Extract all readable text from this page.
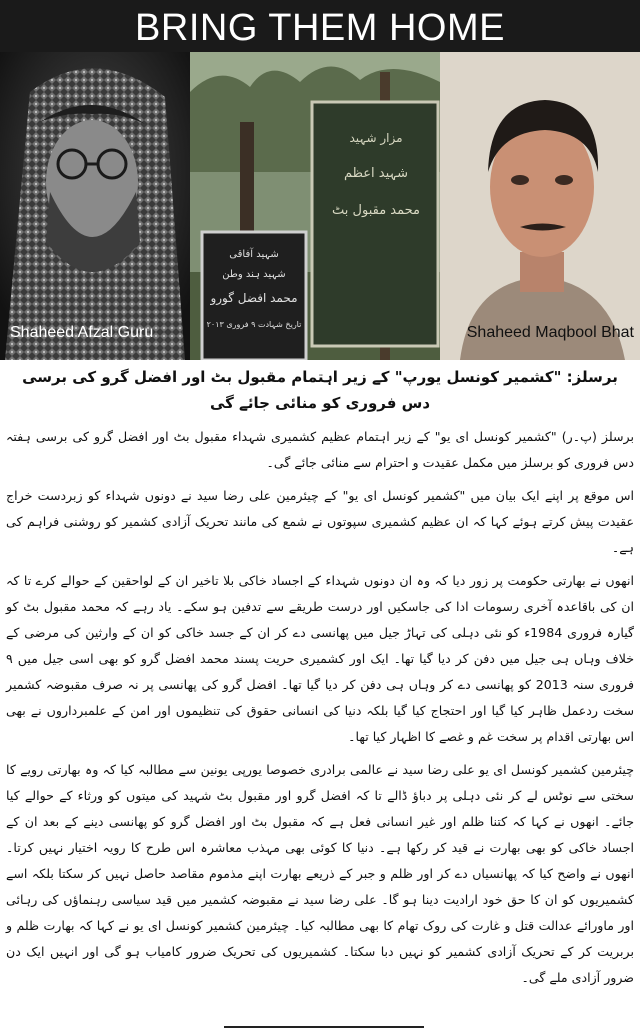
BRING THEM HOME
Shaheed Afzal Guru
مزار شہید
شہید اعظم
محمد مقبول بٹ
شہید آفاقی
شہید ہند وطن
محمد افضل گورو
تاریخ شہادت ۹ فروری ۲۰۱۳	Shaheed Maqbool Bhat
برسلز: "کشمیر کونسل یورپ" کے زیر اہتمام مقبول بٹ اور افضل گرو کی برسی دس فروری کو منائی جائے گی

برسلز (پ۔ر) "کشمیر کونسل ای یو" کے زیر اہتمام عظیم کشمیری شہداء مقبول بٹ اور افضل گرو کی برسی ہفتہ دس فروری کو برسلز میں مکمل عقیدت و احترام سے منائی جائے گی۔

اس موقع پر اپنے ایک بیان میں "کشمیر کونسل ای یو" کے چیئرمین علی رضا سید نے دونوں شہداء کو زبردست خراج عقیدت پیش کرتے ہوئے کہا کہ ان عظیم کشمیری سپوتوں نے شمع کی مانند تحریک آزادی کشمیر کو روشنی فراہم کی ہے۔

انھوں نے بھارتی حکومت پر زور دیا کہ وہ ان دونوں شہداء کے اجساد خاکی بلا تاخیر ان کے لواحقین کے حوالے کرے تا کہ ان کی باقاعدہ آخری رسومات ادا کی جاسکیں اور درست طریقے سے تدفین ہو سکے۔ یاد رہے کہ محمد مقبول بٹ کو گیارہ فروری 1984ء کو نئی دہلی کی تہاڑ جیل میں پھانسی دے کر ان کے جسد خاکی کو ان کے وارثین کی مرضی کے خلاف وہاں ہی جیل میں دفن کر دیا گیا تھا۔ ایک اور کشمیری حریت پسند محمد افضل گرو کو بھی اسی جیل میں ۹ فروری سنہ 2013 کو پھانسی دے کر وہاں ہی دفن کر دیا گیا تھا۔ افضل گرو کی پھانسی پر نہ صرف مقبوضہ کشمیر سخت ردعمل ظاہر کیا گیا اور احتجاج کیا گیا بلکہ دنیا کی انسانی حقوق کی تنظیموں اور امن کے علمبرداروں نے بھی اس بھارتی اقدام پر سخت غم و غصے کا اظہار کیا تھا۔

چیئرمین کشمیر کونسل ای یو علی رضا سید نے عالمی برادری خصوصا یورپی یونین سے مطالبہ کیا کہ وہ بھارتی رویے کا سختی سے نوٹس لے کر نئی دہلی پر دباؤ ڈالے تا کہ افضل گرو اور مقبول بٹ شہید کی میتوں کو ورثاء کے حوالے کیا جائے۔ انھوں نے کہا کہ کتنا ظلم اور غیر انسانی فعل ہے کہ مقبول بٹ اور افضل گرو کو پھانسی دینے کے بعد ان کے اجساد خاکی کو بھی بھارت نے قید کر رکھا ہے۔ دنیا کا کوئی بھی مہذب معاشرہ اس طرح کا رویہ اختیار نہیں کرتا۔ انھوں نے واضح کیا کہ پھانسیاں دے کر اور ظلم و جبر کے ذریعے بھارت اپنے مذموم مقاصد حاصل نہیں کر سکتا بلکہ اسے کشمیریوں کو ان کا حق خود ارادیت دینا ہو گا۔ علی رضا سید نے مقبوضہ کشمیر میں قید سیاسی رہنماؤں کی رہائی اور ماورائے عدالت قتل و غارت کی روک تھام کا بھی مطالبہ کیا۔ چیئرمین کشمیر کونسل ای یو نے کہا کہ بھارت ظلم و بربریت کر کے تحریک آزادی کشمیر کو نہیں دبا سکتا۔ کشمیریوں کی تحریک ضرور کامیاب ہو گی اور انہیں ایک دن ضرور آزادی ملے گی۔
